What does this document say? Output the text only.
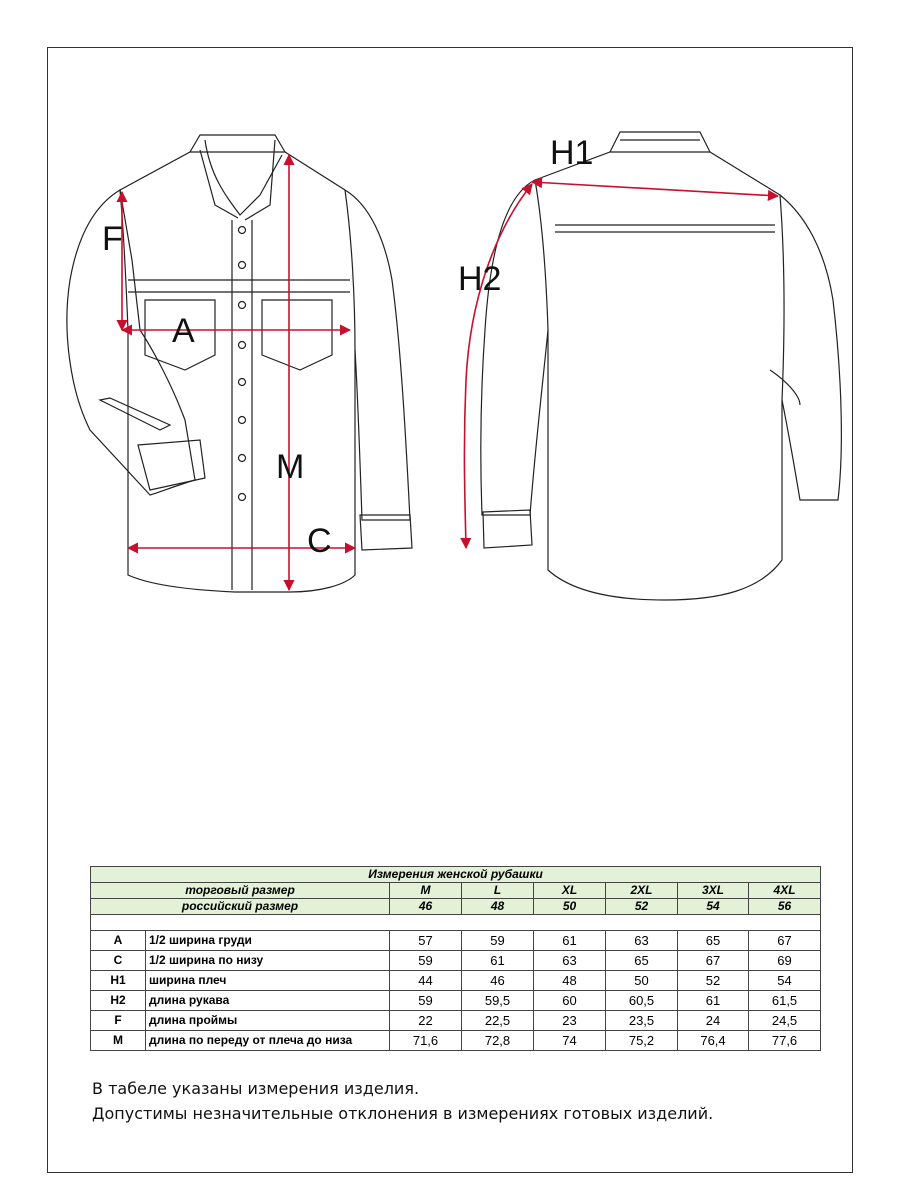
F
A
M
C
H1
H2
Измерения женской рубашки							
торговый размер		M	L	XL	2XL	3XL	4XL
российский размер		46	48	50	52	54	56

A	1/2 ширина груди	57	59	61	63	65	67
C	1/2 ширина по низу	59	61	63	65	67	69
H1	ширина плеч	44	46	48	50	52	54
H2	длина рукава	59	59,5	60	60,5	61	61,5
F	длина проймы	22	22,5	23	23,5	24	24,5
M	длина по переду от плеча до низа	71,6	72,8	74	75,2	76,4	77,6
В табеле указаны измерения изделия.
Допустимы незначительные отклонения в измерениях готовых изделий.
